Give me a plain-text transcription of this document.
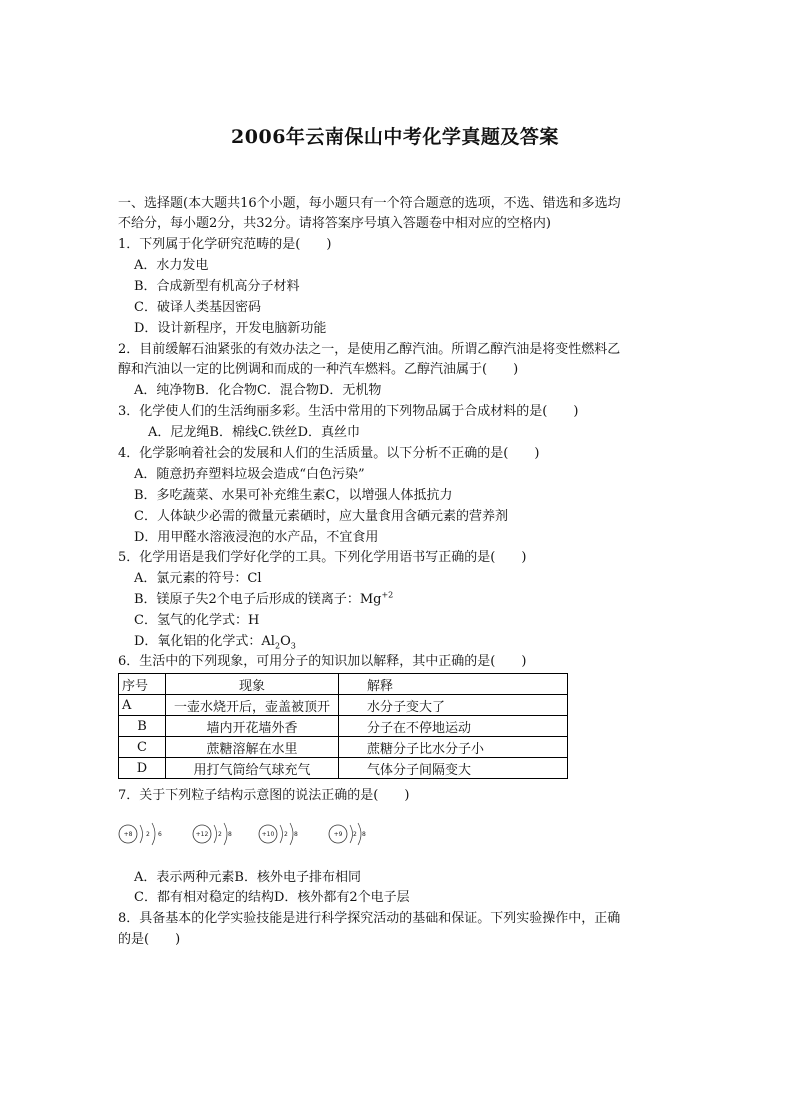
2006年云南保山中考化学真题及答案
一、选择题(本大题共16个小题，每小题只有一个符合题意的选项，不选、错选和多选均
不给分，每小题2分，共32分。请将答案序号填入答题卷中相对应的空格内)
1．下列属于化学研究范畴的是(　　)
A．水力发电
B．合成新型有机高分子材料
C．破译人类基因密码
D．设计新程序，开发电脑新功能
2．目前缓解石油紧张的有效办法之一，是使用乙醇汽油。所谓乙醇汽油是将变性燃料乙
醇和汽油以一定的比例调和而成的一种汽车燃料。乙醇汽油属于(　　)
A．纯净物B．化合物C．混合物D．无机物
3．化学使人们的生活绚丽多彩。生活中常用的下列物品属于合成材料的是(　　)
A．尼龙绳B．棉线C.铁丝D．真丝巾
4．化学影响着社会的发展和人们的生活质量。以下分析不正确的是(　　)
A．随意扔弃塑料垃圾会造成“白色污染”
B．多吃蔬菜、水果可补充维生素C，以增强人体抵抗力
C．人体缺少必需的微量元素硒时，应大量食用含硒元素的营养剂
D．用甲醛水溶液浸泡的水产品，不宜食用
5．化学用语是我们学好化学的工具。下列化学用语书写正确的是(　　)
A．氯元素的符号：Cl
B．镁原子失2个电子后形成的镁离子：$Mg^{+2}$
C．氢气的化学式：H
D．氧化铝的化学式：$Al_2O_3$
6．生活中的下列现象，可用分子的知识加以解释，其中正确的是(　　)
序号	现象	解释
A	一壶水烧开后，壶盖被顶开	水分子变大了
B	墙内开花墙外香	分子在不停地运动
C	蔗糖溶解在水里	蔗糖分子比水分子小
D	用打气筒给气球充气	气体分子间隔变大
7．关于下列粒子结构示意图的说法正确的是(　　)
+8 2 6	+12 2 8	+10 2 8	+9 2 8
A．表示两种元素B．核外电子排布相同
C．都有相对稳定的结构D．核外都有2个电子层
8．具备基本的化学实验技能是进行科学探究活动的基础和保证。下列实验操作中，正确
的是(　　)
